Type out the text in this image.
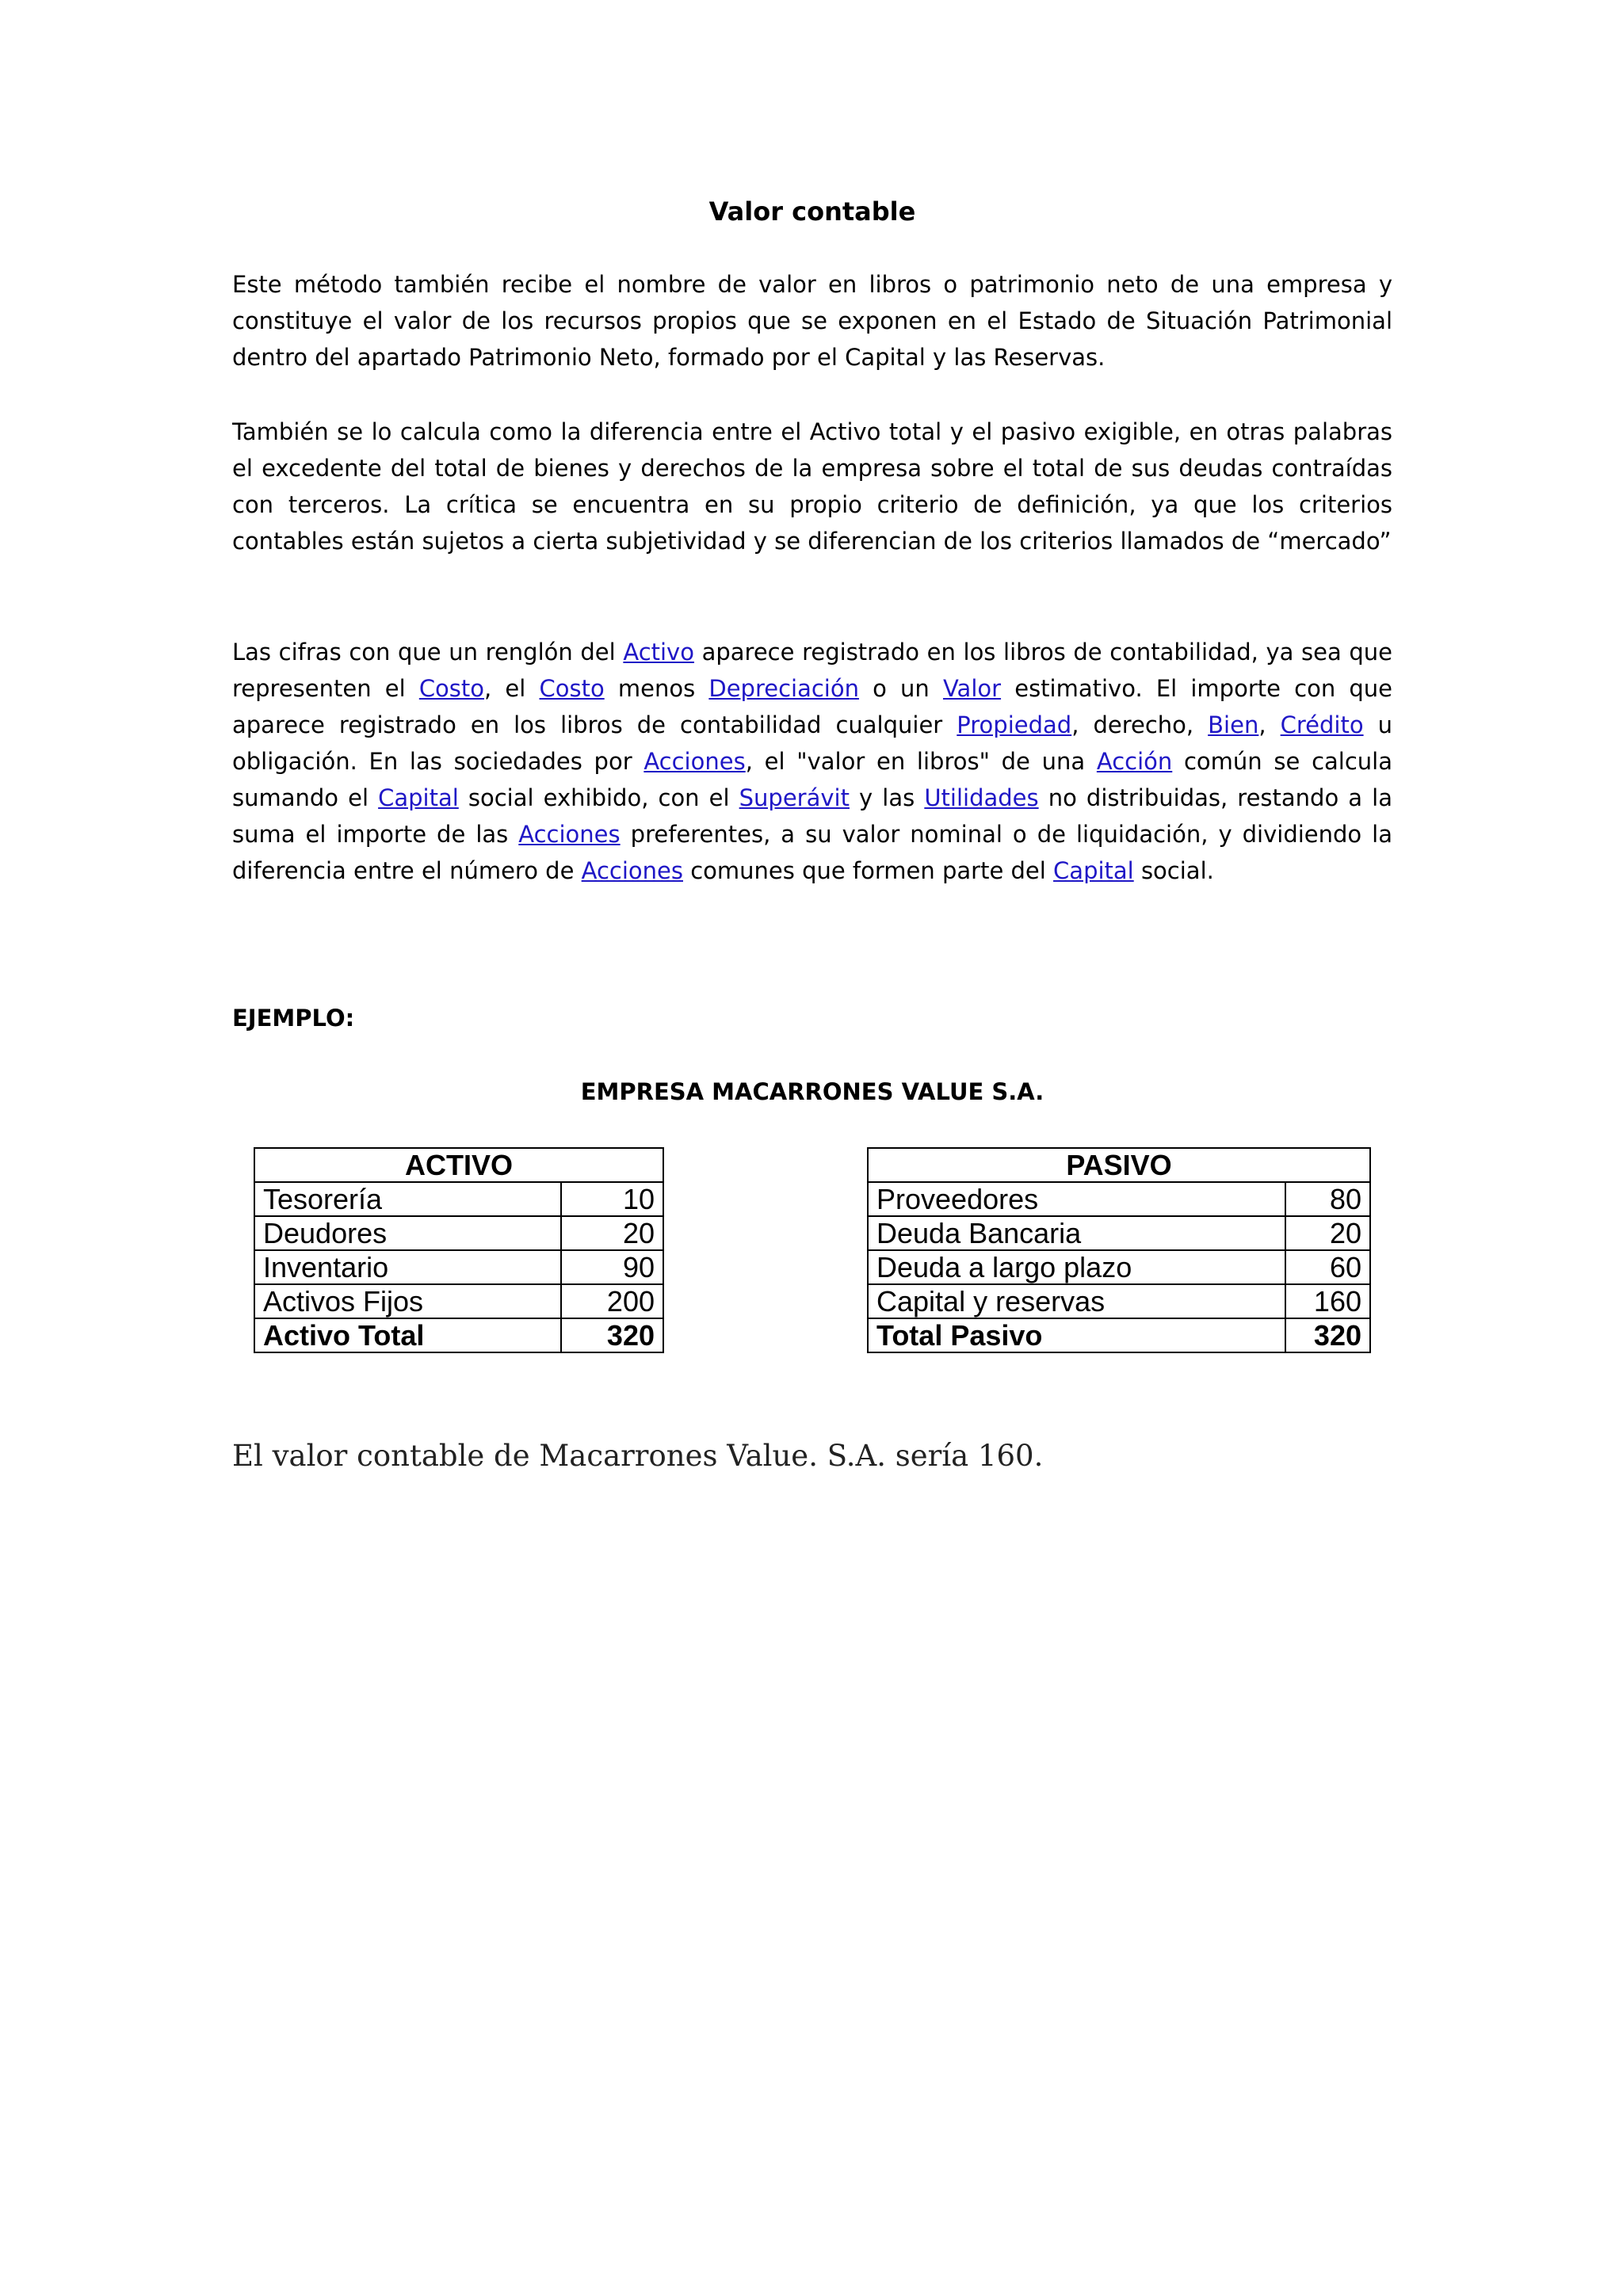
Valor contable
Este método también recibe el nombre de valor en libros o patrimonio neto de una empresa y constituye el valor de los recursos propios que se exponen en el Estado de Situación Patrimonial dentro del apartado Patrimonio Neto, formado por el Capital y las Reservas.
También se lo calcula como la diferencia entre el Activo total y el pasivo exigible, en otras palabras el excedente del total de bienes y derechos de la empresa sobre el total de sus deudas contraídas con terceros. La crítica se encuentra en su propio criterio de definición, ya que los criterios contables están sujetos a cierta subjetividad y se diferencian de los criterios llamados de “mercado”
Las cifras con que un renglón del Activo aparece registrado en los libros de contabilidad, ya sea que representen el Costo, el Costo menos Depreciación o un Valor estimativo. El importe con que aparece registrado en los libros de contabilidad cualquier Propiedad, derecho, Bien, Crédito u obligación. En las sociedades por Acciones, el "valor en libros" de una Acción común se calcula sumando el Capital social exhibido, con el Superávit y las Utilidades no distribuidas, restando a la suma el importe de las Acciones preferentes, a su valor nominal o de liquidación, y dividiendo la diferencia entre el número de Acciones comunes que formen parte del Capital social.
EJEMPLO:
EMPRESA MACARRONES VALUE S.A.
ACTIVO	
Tesorería	10
Deudores	20
Inventario	90
Activos Fijos	200
Activo Total	320
PASIVO	
Proveedores	80
Deuda Bancaria	20
Deuda a largo plazo	60
Capital y reservas	160
Total Pasivo	320
El valor contable de Macarrones Value. S.A. sería 160.
